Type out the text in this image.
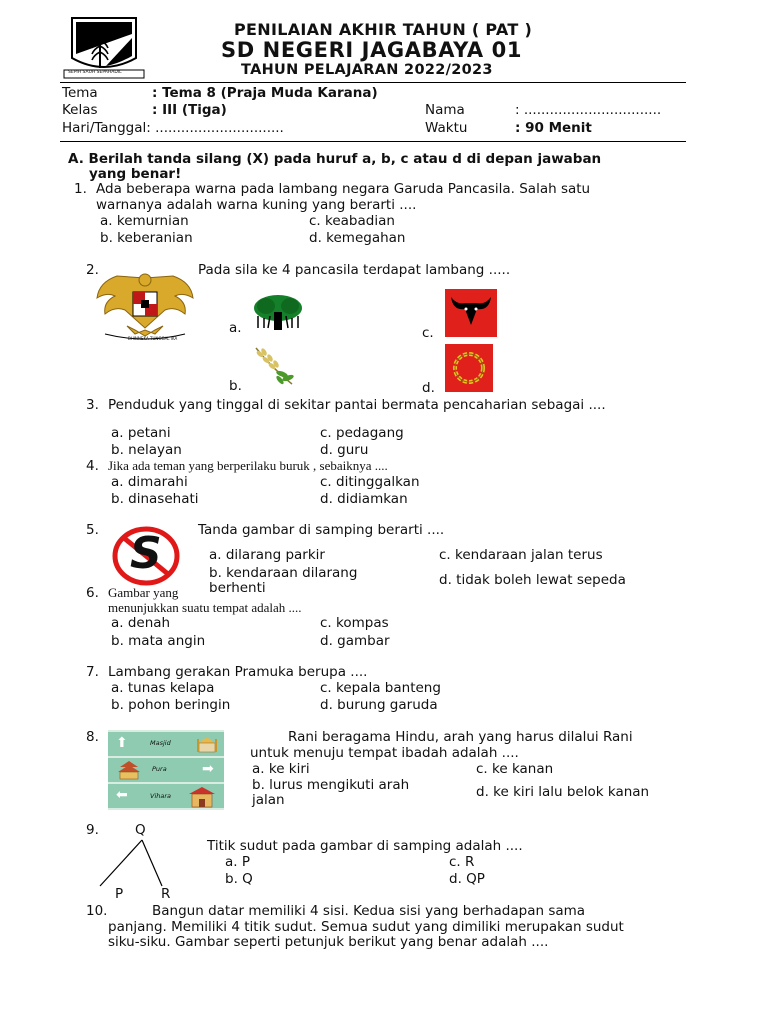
SEPIH SAUH SEPAHADIL
PENILAIAN AKHIR TAHUN ( PAT )
SD NEGERI JAGABAYA 01
TAHUN PELAJARAN 2022/2023
Tema	: Tema 8 (Praja Muda Karana)
Kelas	: III (Tiga)
Hari/Tanggal: ..............................
Nama	: ................................
Waktu	: 90 Menit
A. Berilah tanda silang (X) pada huruf a, b, c atau d di depan jawaban
yang benar!
1. Ada beberapa warna pada lambang negara Garuda Pancasila. Salah satu
warnanya adalah warna kuning yang berarti ....
a. kemurnian
b. keberanian
c. keabadian
d. kemegahan
2.	Pada sila ke 4 pancasila terdapat lambang .....
BHINNEKA TUNGGAL IKA
a.
b.
c.
d.
3. Penduduk yang tinggal di sekitar pantai bermata pencaharian sebagai ....
a. petani
b. nelayan
c. pedagang
d. guru
4. Jika ada teman yang berperilaku buruk , sebaiknya ....
a. dimarahi
b. dinasehati
c. ditinggalkan
d. didiamkan
5. S	Tanda gambar di samping berarti ....
a. dilarang parkir
b. kendaraan dilarang
berhenti
c. kendaraan jalan terus
d. tidak boleh lewat sepeda
6. Gambar yang
menunjukkan suatu tempat adalah ....
a. denah
b. mata angin
c. kompas
d. gambar
7. Lambang gerakan Pramuka berupa ....
a. tunas kelapa
b. pohon beringin
c. kepala banteng
d. burung garuda
8. ⬆	Masjid
Pura	➡
⬅	Vihara
Rani beragama Hindu, arah yang harus dilalui Rani
untuk menuju tempat ibadah adalah ....
a. ke kiri
b. lurus mengikuti arah
jalan
c. ke kanan
d. ke kiri lalu belok kanan
9.	Q
P	R
Titik sudut pada gambar di samping adalah ....
a. P
b. Q
c. R
d. QP
10.	Bangun datar memiliki 4 sisi. Kedua sisi yang berhadapan sama
panjang. Memiliki 4 titik sudut. Semua sudut yang dimiliki merupakan sudut
siku-siku. Gambar seperti petunjuk berikut yang benar adalah ....
